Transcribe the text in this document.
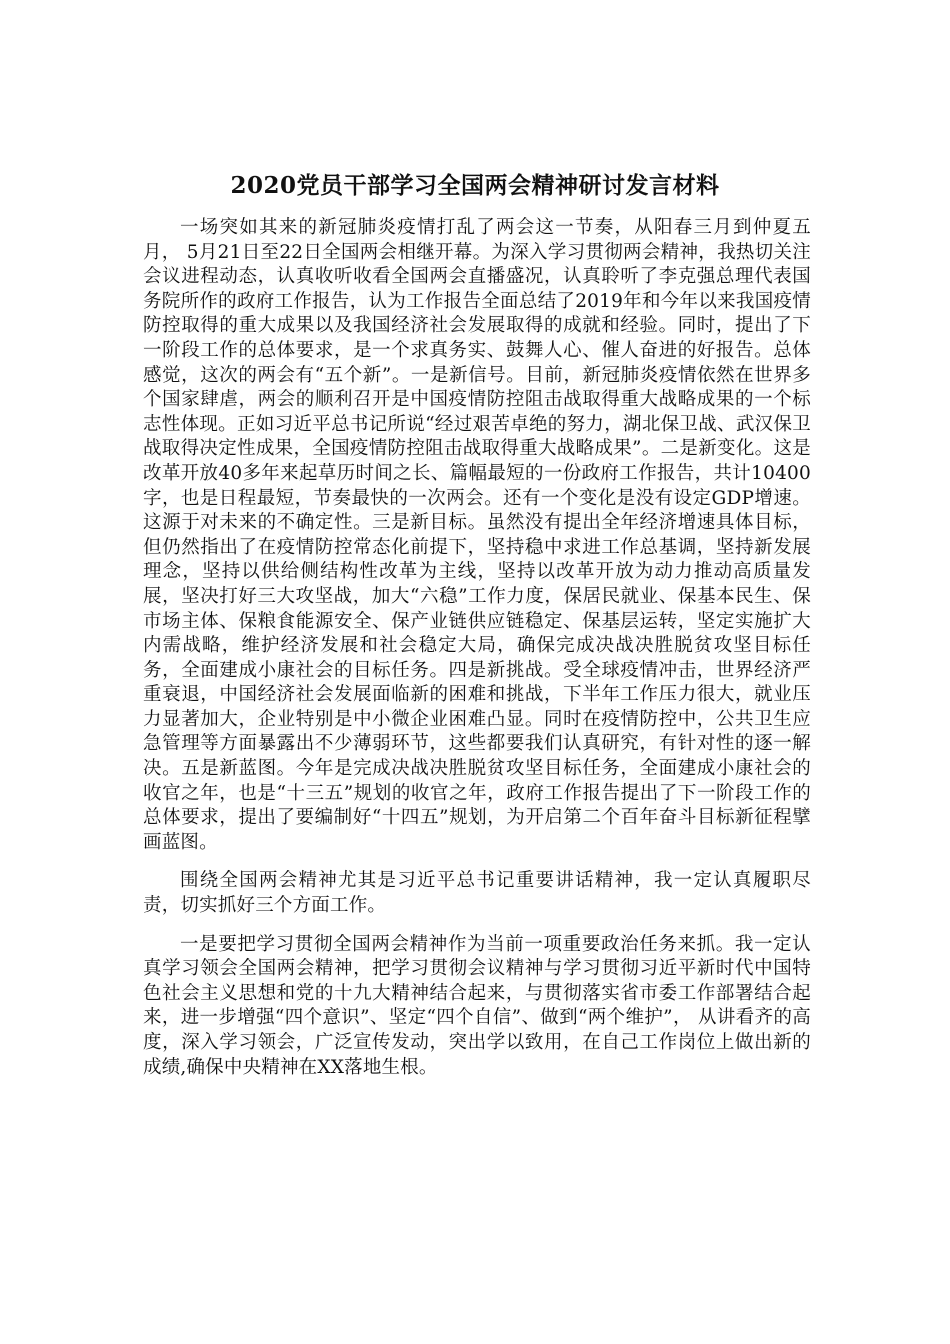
2020党员干部学习全国两会精神研讨发言材料

一场突如其来的新冠肺炎疫情打乱了两会这一节奏，从阳春三月到仲夏五月， 5月21日至22日全国两会相继开幕。为深入学习贯彻两会精神，我热切关注会议进程动态，认真收听收看全国两会直播盛况，认真聆听了李克强总理代表国务院所作的政府工作报告，认为工作报告全面总结了2019年和今年以来我国疫情防控取得的重大成果以及我国经济社会发展取得的成就和经验。同时，提出了下一阶段工作的总体要求，是一个求真务实、鼓舞人心、催人奋进的好报告。总体感觉，这次的两会有“五个新”。一是新信号。目前，新冠肺炎疫情依然在世界多个国家肆虐，两会的顺利召开是中国疫情防控阻击战取得重大战略成果的一个标志性体现。正如习近平总书记所说“经过艰苦卓绝的努力，湖北保卫战、武汉保卫战取得决定性成果，全国疫情防控阻击战取得重大战略成果”。二是新变化。这是改革开放40多年来起草历时间之长、篇幅最短的一份政府工作报告，共计10400字，也是日程最短，节奏最快的一次两会。还有一个变化是没有设定GDP增速。这源于对未来的不确定性。三是新目标。虽然没有提出全年经济增速具体目标，但仍然指出了在疫情防控常态化前提下，坚持稳中求进工作总基调，坚持新发展理念，坚持以供给侧结构性改革为主线，坚持以改革开放为动力推动高质量发展，坚决打好三大攻坚战，加大“六稳”工作力度，保居民就业、保基本民生、保市场主体、保粮食能源安全、保产业链供应链稳定、保基层运转，坚定实施扩大内需战略，维护经济发展和社会稳定大局，确保完成决战决胜脱贫攻坚目标任务，全面建成小康社会的目标任务。四是新挑战。受全球疫情冲击，世界经济严重衰退，中国经济社会发展面临新的困难和挑战，下半年工作压力很大，就业压力显著加大，企业特别是中小微企业困难凸显。同时在疫情防控中，公共卫生应急管理等方面暴露出不少薄弱环节，这些都要我们认真研究，有针对性的逐一解决。五是新蓝图。今年是完成决战决胜脱贫攻坚目标任务，全面建成小康社会的收官之年，也是“十三五”规划的收官之年，政府工作报告提出了下一阶段工作的总体要求，提出了要编制好“十四五”规划，为开启第二个百年奋斗目标新征程擘画蓝图。

围绕全国两会精神尤其是习近平总书记重要讲话精神，我一定认真履职尽责，切实抓好三个方面工作。

一是要把学习贯彻全国两会精神作为当前一项重要政治任务来抓。我一定认真学习领会全国两会精神，把学习贯彻会议精神与学习贯彻习近平新时代中国特色社会主义思想和党的十九大精神结合起来，与贯彻落实省市委工作部署结合起来，进一步增强“四个意识”、坚定“四个自信”、做到“两个维护”， 从讲看齐的高度，深入学习领会，广泛宣传发动，突出学以致用，在自己工作岗位上做出新的成绩,确保中央精神在XX落地生根。
